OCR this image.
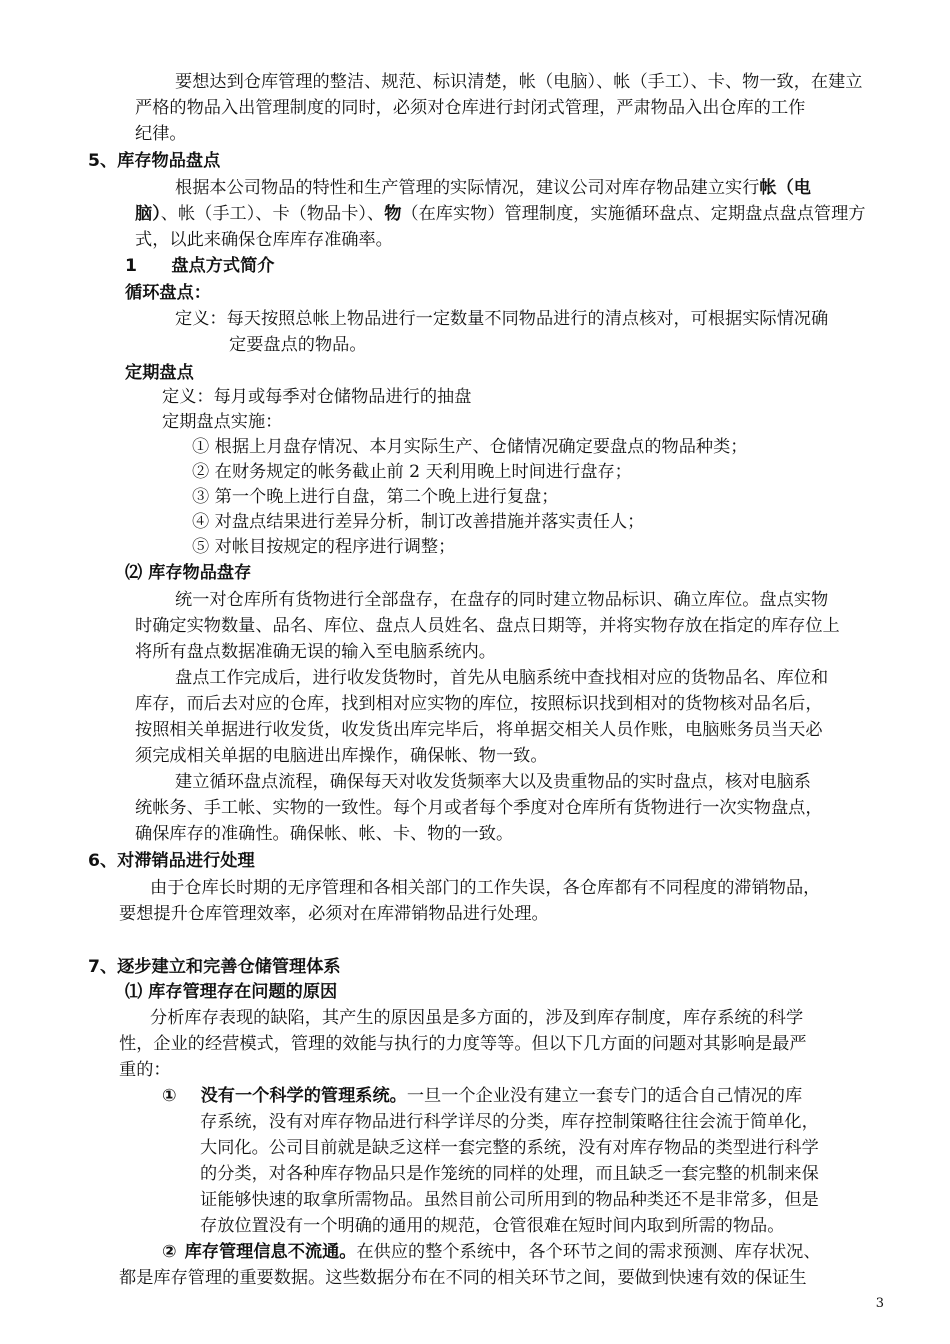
要想达到仓库管理的整洁、规范、标识清楚，帐（电脑）、帐（手工）、卡、物一致，在建立
严格的物品入出管理制度的同时，必须对仓库进行封闭式管理，严肃物品入出仓库的工作
纪律。
5、库存物品盘点
根据本公司物品的特性和生产管理的实际情况，建议公司对库存物品建立实行帐（电
脑）、帐（手工）、卡（物品卡）、物（在库实物）管理制度，实施循环盘点、定期盘点盘点管理方
式，以此来确保仓库库存准确率。
1　　盘点方式简介
循环盘点：
定义：每天按照总帐上物品进行一定数量不同物品进行的清点核对，可根据实际情况确
定要盘点的物品。
定期盘点
定义：每月或每季对仓储物品进行的抽盘
定期盘点实施：
① 根据上月盘存情况、本月实际生产、仓储情况确定要盘点的物品种类；
② 在财务规定的帐务截止前 2 天利用晚上时间进行盘存；
③ 第一个晚上进行自盘，第二个晚上进行复盘；
④ 对盘点结果进行差异分析，制订改善措施并落实责任人；
⑤ 对帐目按规定的程序进行调整；
⑵ 库存物品盘存
统一对仓库所有货物进行全部盘存，在盘存的同时建立物品标识、确立库位。盘点实物
时确定实物数量、品名、库位、盘点人员姓名、盘点日期等，并将实物存放在指定的库存位上
将所有盘点数据准确无误的输入至电脑系统内。
盘点工作完成后，进行收发货物时，首先从电脑系统中查找相对应的货物品名、库位和
库存，而后去对应的仓库，找到相对应实物的库位，按照标识找到相对的货物核对品名后，
按照相关单据进行收发货，收发货出库完毕后，将单据交相关人员作账，电脑账务员当天必
须完成相关单据的电脑进出库操作，确保帐、物一致。
建立循环盘点流程，确保每天对收发货频率大以及贵重物品的实时盘点，核对电脑系
统帐务、手工帐、实物的一致性。每个月或者每个季度对仓库所有货物进行一次实物盘点，
确保库存的准确性。确保帐、帐、卡、物的一致。
6、对滞销品进行处理
由于仓库长时期的无序管理和各相关部门的工作失误，各仓库都有不同程度的滞销物品，
要想提升仓库管理效率，必须对在库滞销物品进行处理。
7、逐步建立和完善仓储管理体系
⑴ 库存管理存在问题的原因
分析库存表现的缺陷，其产生的原因虽是多方面的，涉及到库存制度，库存系统的科学
性，企业的经营模式，管理的效能与执行的力度等等。但以下几方面的问题对其影响是最严
重的：
① 没有一个科学的管理系统。一旦一个企业没有建立一套专门的适合自己情况的库
存系统，没有对库存物品进行科学详尽的分类，库存控制策略往往会流于简单化，
大同化。公司目前就是缺乏这样一套完整的系统，没有对库存物品的类型进行科学
的分类，对各种库存物品只是作笼统的同样的处理，而且缺乏一套完整的机制来保
证能够快速的取拿所需物品。虽然目前公司所用到的物品种类还不是非常多，但是
存放位置没有一个明确的通用的规范，仓管很难在短时间内取到所需的物品。
② 库存管理信息不流通。在供应的整个系统中，各个环节之间的需求预测、库存状况、
都是库存管理的重要数据。这些数据分布在不同的相关环节之间，要做到快速有效的保证生
3
